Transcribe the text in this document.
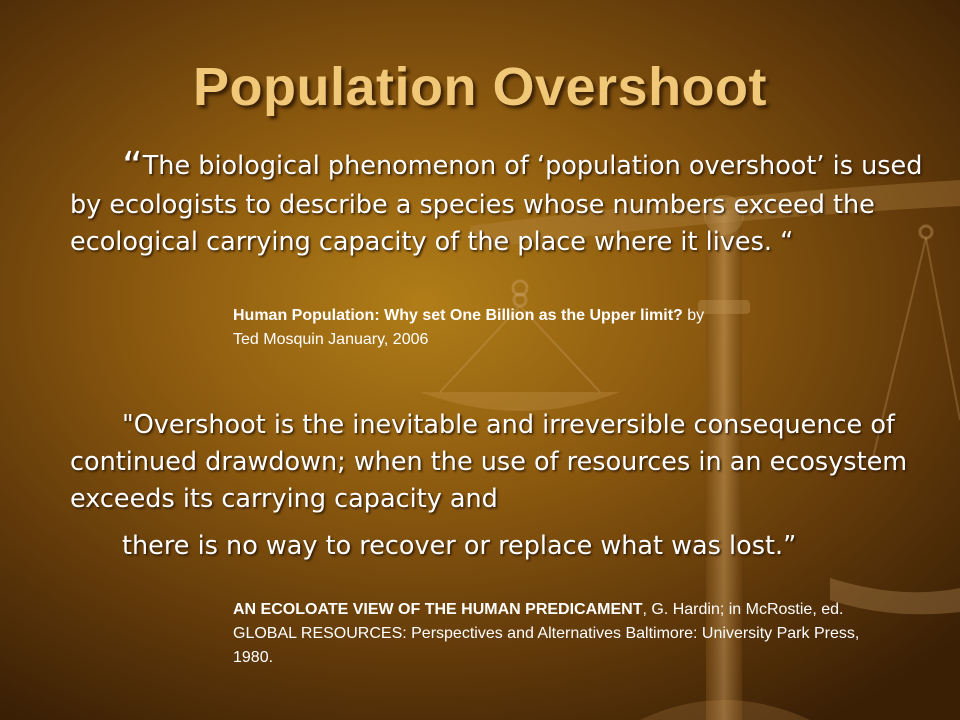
Population Overshoot

“The biological phenomenon of ‘population overshoot’ is used by ecologists to describe a species whose numbers exceed the ecological carrying capacity of the place where it lives. “

Human Population: Why set One Billion as the Upper limit? by
Ted Mosquin January, 2006

"Overshoot is the inevitable and irreversible consequence of continued drawdown; when the use of resources in an ecosystem exceeds its carrying capacity and
there is no way to recover or replace what was lost.”

AN ECOLOATE VIEW OF THE HUMAN PREDICAMENT, G. Hardin; in McRostie, ed. GLOBAL RESOURCES: Perspectives and Alternatives Baltimore: University Park Press, 1980.
